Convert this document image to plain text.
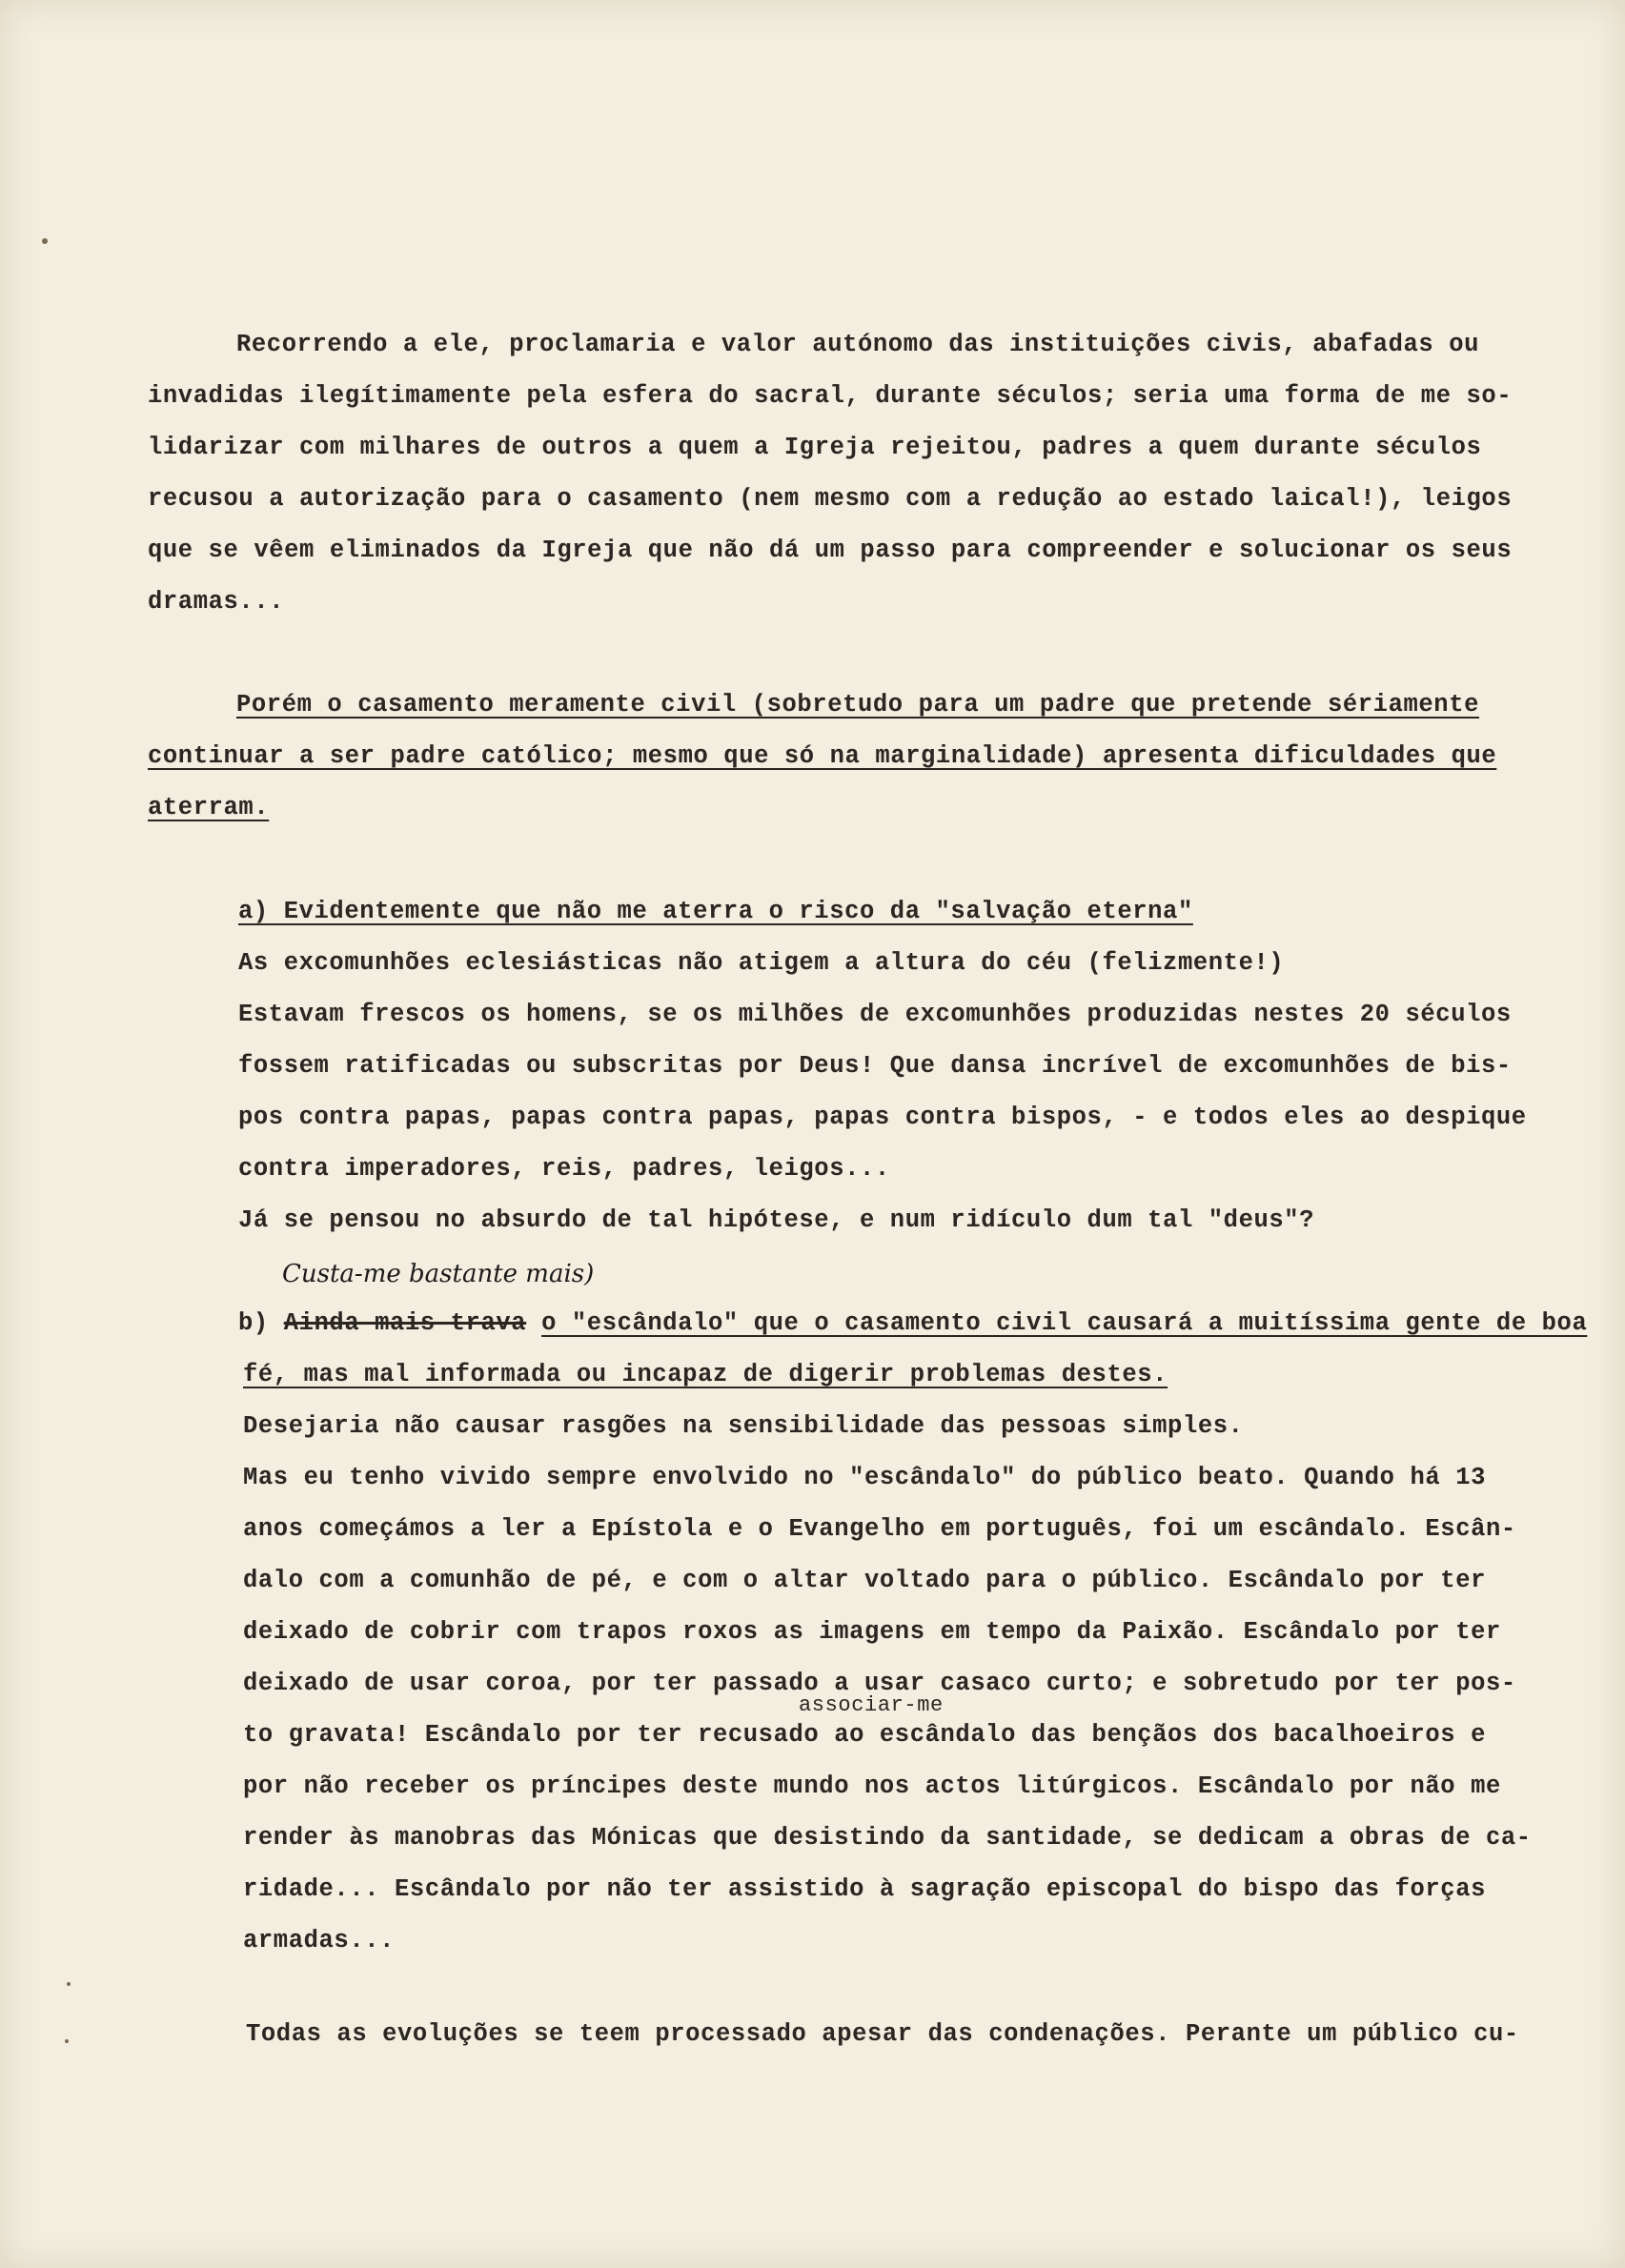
Recorrendo a ele, proclamaria e valor autónomo das instituições civis, abafadas ou
invadidas ilegítimamente pela esfera do sacral, durante séculos; seria uma forma de me so-
lidarizar com milhares de outros a quem a Igreja rejeitou, padres a quem durante séculos
recusou a autorização para o casamento (nem mesmo com a redução ao estado laical!), leigos
que se vêem eliminados da Igreja que não dá um passo para compreender e solucionar os seus
dramas...
Porém o casamento meramente civil (sobretudo para um padre que pretende sériamente
continuar a ser padre católico; mesmo que só na marginalidade) apresenta dificuldades que
aterram.
a) Evidentemente que não me aterra o risco da "salvação eterna"
As excomunhões eclesiásticas não atigem a altura do céu (felizmente!)
Estavam frescos os homens, se os milhões de excomunhões produzidas nestes 20 séculos
fossem ratificadas ou subscritas por Deus! Que dansa incrível de excomunhões de bis-
pos contra papas, papas contra papas, papas contra bispos, - e todos eles ao despique
contra imperadores, reis, padres, leigos...
Já se pensou no absurdo de tal hipótese, e num ridículo dum tal "deus"?
Custa-me bastante mais)
b) Ainda mais trava o "escândalo" que o casamento civil causará a muitíssima gente de boa
fé, mas mal informada ou incapaz de digerir problemas destes.
Desejaria não causar rasgões na sensibilidade das pessoas simples.
Mas eu tenho vivido sempre envolvido no "escândalo" do público beato. Quando há 13
anos começámos a ler a Epístola e o Evangelho em português, foi um escândalo. Escân-
dalo com a comunhão de pé, e com o altar voltado para o público. Escândalo por ter
deixado de cobrir com trapos roxos as imagens em tempo da Paixão. Escândalo por ter
deixado de usar coroa, por ter passado a usar casaco curto; e sobretudo por ter pos-
associar-me
to gravata! Escândalo por ter recusado ao escândalo das bençãos dos bacalhoeiros e
por não receber os príncipes deste mundo nos actos litúrgicos. Escândalo por não me
render às manobras das Mónicas que desistindo da santidade, se dedicam a obras de ca-
ridade... Escândalo por não ter assistido à sagração episcopal do bispo das forças
armadas...
Todas as evoluções se teem processado apesar das condenações. Perante um público cu-
